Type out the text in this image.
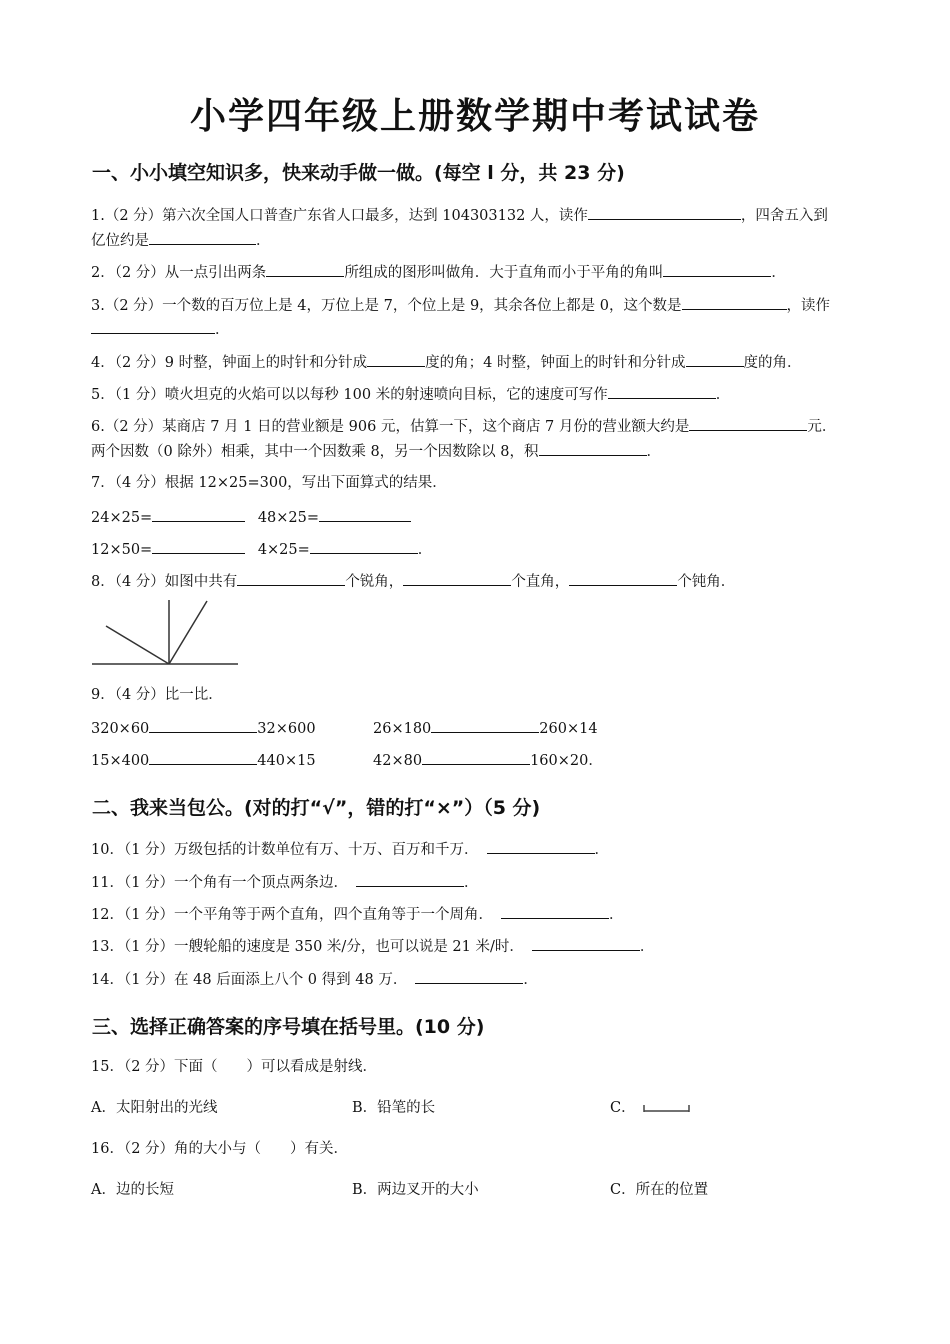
小学四年级上册数学期中考试试卷
一、小小填空知识多，快来动手做一做。(每空 l 分，共 23 分)
1.（2 分）第六次全国人口普查广东省人口最多，达到 104303132 人，读作	，四舍五入到
亿位约是	．
2．（2 分）从一点引出两条	所组成的图形叫做角．大于直角而小于平角的角叫	．
3.（2 分）一个数的百万位上是 4，万位上是 7，个位上是 9，其余各位上都是 0，这个数是	，读作
．
4．（2 分）9 时整，钟面上的时针和分针成	度的角；4 时整，钟面上的时针和分针成	度的角．
5．（1 分）喷火坦克的火焰可以以每秒 100 米的射速喷向目标，它的速度可写作	．
6.（2 分）某商店 7 月 1 日的营业额是 906 元，估算一下，这个商店 7 月份的营业额大约是	元．
两个因数（0 除外）相乘，其中一个因数乘 8，另一个因数除以 8，积	．
7．（4 分）根据 12×25=300，写出下面算式的结果．
24×25=	48×25=
12×50=	4×25=	．
8．（4 分）如图中共有	个锐角，	个直角，	个钝角．
9．（4 分）比一比．
320×60	32×600	26×180	260×14
15×400	440×15	42×80	160×20．
二、我来当包公。(对的打“√”，错的打“×”）（5 分)
10．（1 分）万级包括的计数单位有万、十万、百万和千万．	．
11．（1 分）一个角有一个顶点两条边．	．
12．（1 分）一个平角等于两个直角，四个直角等于一个周角．	．
13．（1 分）一艘轮船的速度是 350 米/分，也可以说是 21 米/时．	．
14．（1 分）在 48 后面添上八个 0 得到 48 万．	．
三、选择正确答案的序号填在括号里。(10 分)
15．（2 分）下面（　　）可以看成是射线．
A．太阳射出的光线	B．铅笔的长	C．
16．（2 分）角的大小与（　　）有关．
A．边的长短	B．两边叉开的大小	C．所在的位置
